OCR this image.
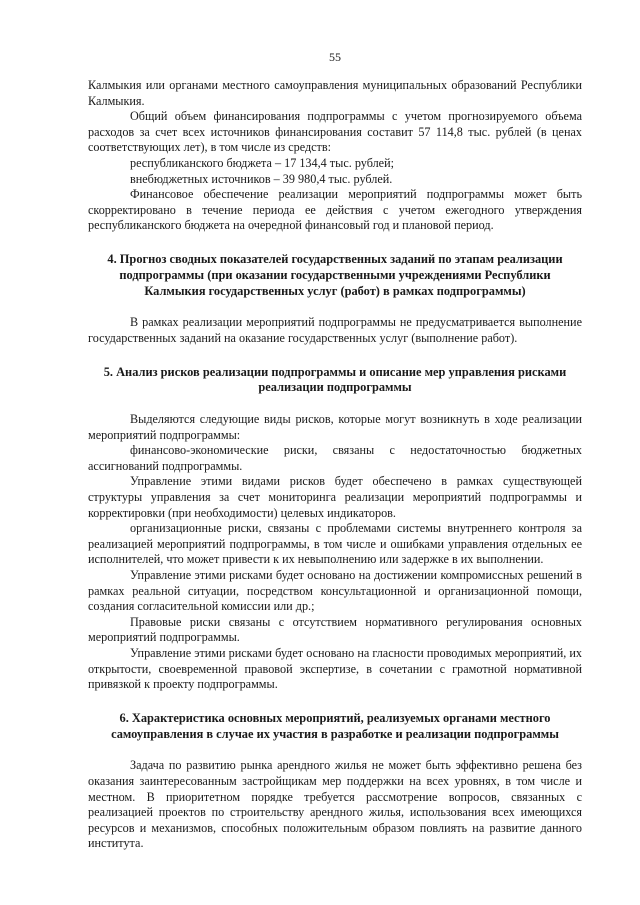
55

Калмыкия или органами местного самоуправления муниципальных образований Республики Калмыкия.

Общий объем финансирования подпрограммы с учетом прогнозируемого объема расходов за счет всех источников финансирования составит 57 114,8 тыс. рублей (в ценах соответствующих лет), в том числе из средств:

республиканского бюджета – 17 134,4 тыс. рублей;

внебюджетных источников – 39 980,4 тыс. рублей.

Финансовое обеспечение реализации мероприятий подпрограммы может быть скорректировано в течение периода ее действия с учетом ежегодного утверждения республиканского бюджета на очередной финансовый год и плановой период.

4. Прогноз сводных показателей государственных заданий по этапам реализации подпрограммы (при оказании государственными учреждениями Республики Калмыкия государственных услуг (работ) в рамках подпрограммы)

В рамках реализации мероприятий подпрограммы не предусматривается выполнение государственных заданий на оказание государственных услуг (выполнение работ).

5. Анализ рисков реализации подпрограммы и описание мер управления рисками реализации подпрограммы

Выделяются следующие виды рисков, которые могут возникнуть в ходе реализации мероприятий подпрограммы:

финансово-экономические риски, связаны с недостаточностью бюджетных ассигнований подпрограммы.

Управление этими видами рисков будет обеспечено в рамках существующей структуры управления за счет мониторинга реализации мероприятий подпрограммы и корректировки (при необходимости) целевых индикаторов.

организационные риски, связаны с проблемами системы внутреннего контроля за реализацией мероприятий подпрограммы, в том числе и ошибками управления отдельных ее исполнителей, что может привести к их невыполнению или задержке в их выполнении.

Управление этими рисками будет основано на достижении компромиссных решений в рамках реальной ситуации, посредством консультационной и организационной помощи, создания согласительной комиссии или др.;

Правовые риски связаны с отсутствием нормативного регулирования основных мероприятий подпрограммы.

Управление этими рисками будет основано на гласности проводимых мероприятий, их открытости, своевременной правовой экспертизе, в сочетании с грамотной нормативной привязкой к проекту подпрограммы.

6. Характеристика основных мероприятий, реализуемых органами местного самоуправления в случае их участия в разработке и реализации подпрограммы

Задача по развитию рынка арендного жилья не может быть эффективно решена без оказания заинтересованным застройщикам мер поддержки на всех уровнях, в том числе и местном. В приоритетном порядке требуется рассмотрение вопросов, связанных с реализацией проектов по строительству арендного жилья, использования всех имеющихся ресурсов и механизмов, способных положительным образом повлиять на развитие данного института.
